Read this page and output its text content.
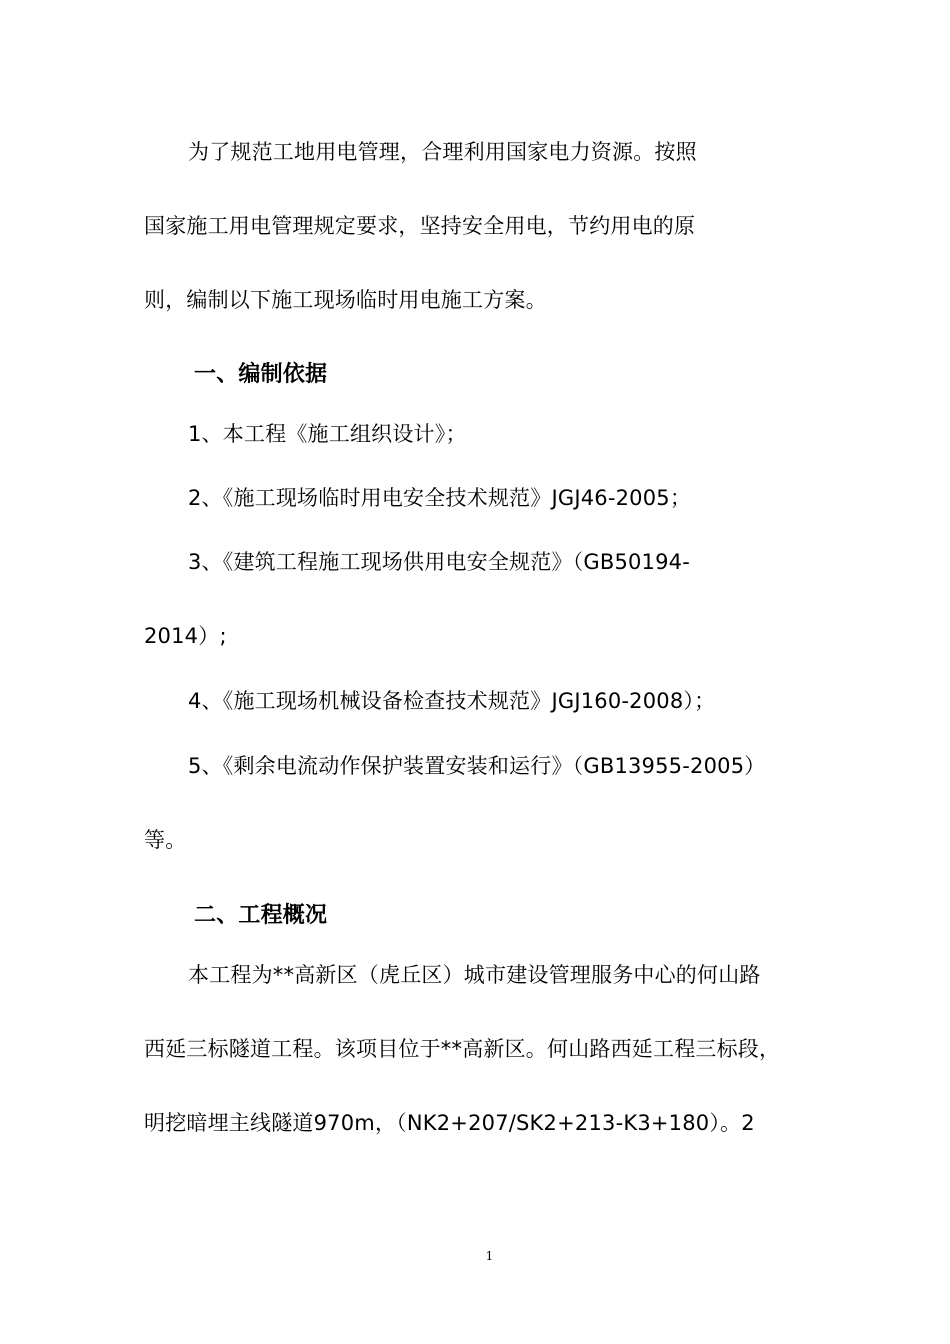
为了规范工地用电管理，合理利用国家电力资源。按照
国家施工用电管理规定要求，坚持安全用电，节约用电的原
则，编制以下施工现场临时用电施工方案。
一、编制依据
1、本工程《施工组织设计》；
2、《施工现场临时用电安全技术规范》JGJ46-2005；
3、《建筑工程施工现场供用电安全规范》（GB50194-
2014）;
4、《施工现场机械设备检查技术规范》JGJ160-2008）；
5、《剩余电流动作保护装置安装和运行》（GB13955-2005）
等。
二、工程概况
本工程为**高新区（虎丘区）城市建设管理服务中心的何山路
西延三标隧道工程。该项目位于**高新区。何山路西延工程三标段，
明挖暗埋主线隧道970m，（NK2+207/SK2+213-K3+180）。2
1
